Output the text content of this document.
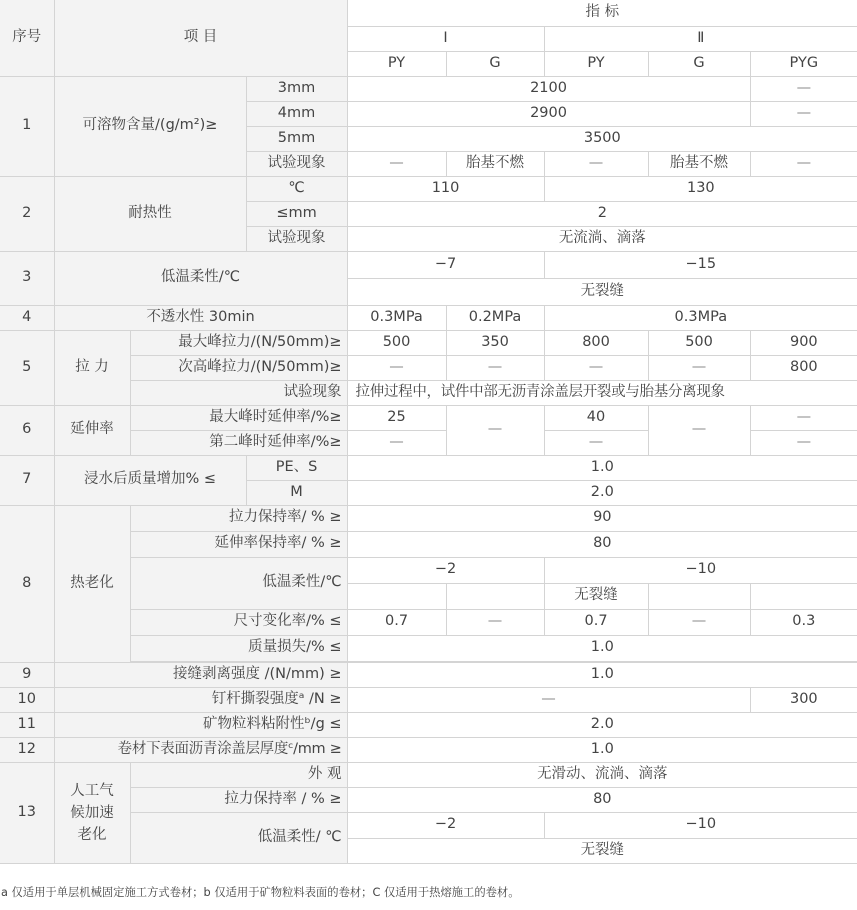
序号	项 目			指 标				
				Ⅰ		Ⅱ		
				PY	G	PY	G	PYG
1	可溶物含量/(g/m²)≥		3mm	2100				—
			4mm	2900				—
			5mm	3500				
			试验现象	—	胎基不燃	—	胎基不燃	—
2	耐热性		℃	110		130		
			≤mm	2				
			试验现象	无流淌、滴落				
3	低温柔性/℃			−7		−15		
				无裂缝				
4	不透水性 30min			0.3MPa	0.2MPa	0.3MPa		
5	拉 力	最大峰拉力/(N/50mm)≥		500	350	800	500	900
		次高峰拉力/(N/50mm)≥		—	—	—	—	800
		试验现象		拉伸过程中，试件中部无沥青涂盖层开裂或与胎基分离现象				
6	延伸率	最大峰时延伸率/%≥		25	—	40	—	—
		第二峰时延伸率/%≥		—		—		—
7	浸水后质量增加% ≤		PE、S	1.0				
			M	2.0				
8	热老化	拉力保持率/ % ≥		90				
		延伸率保持率/ % ≥		80				
		低温柔性/℃		−2		−10		
						无裂缝		
		尺寸变化率/% ≤		0.7	—	0.7	—	0.3
		质量损失/% ≤		1.0				

9	接缝剥离强度 /(N/mm) ≥			1.0				
10	钉杆撕裂强度ᵃ /N ≥			—				300
11	矿物粒料粘附性ᵇ/g ≤			2.0				
12	卷材下表面沥青涂盖层厚度ᶜ/mm ≥			1.0				
13	人工气
候加速
老化	外 观		无滑动、流淌、滴落				
		拉力保持率 / % ≥		80				
		低温柔性/ ℃		−2		−10		
				无裂缝				
a 仅适用于单层机械固定施工方式卷材；b 仅适用于矿物粒料表面的卷材；C 仅适用于热熔施工的卷材。
